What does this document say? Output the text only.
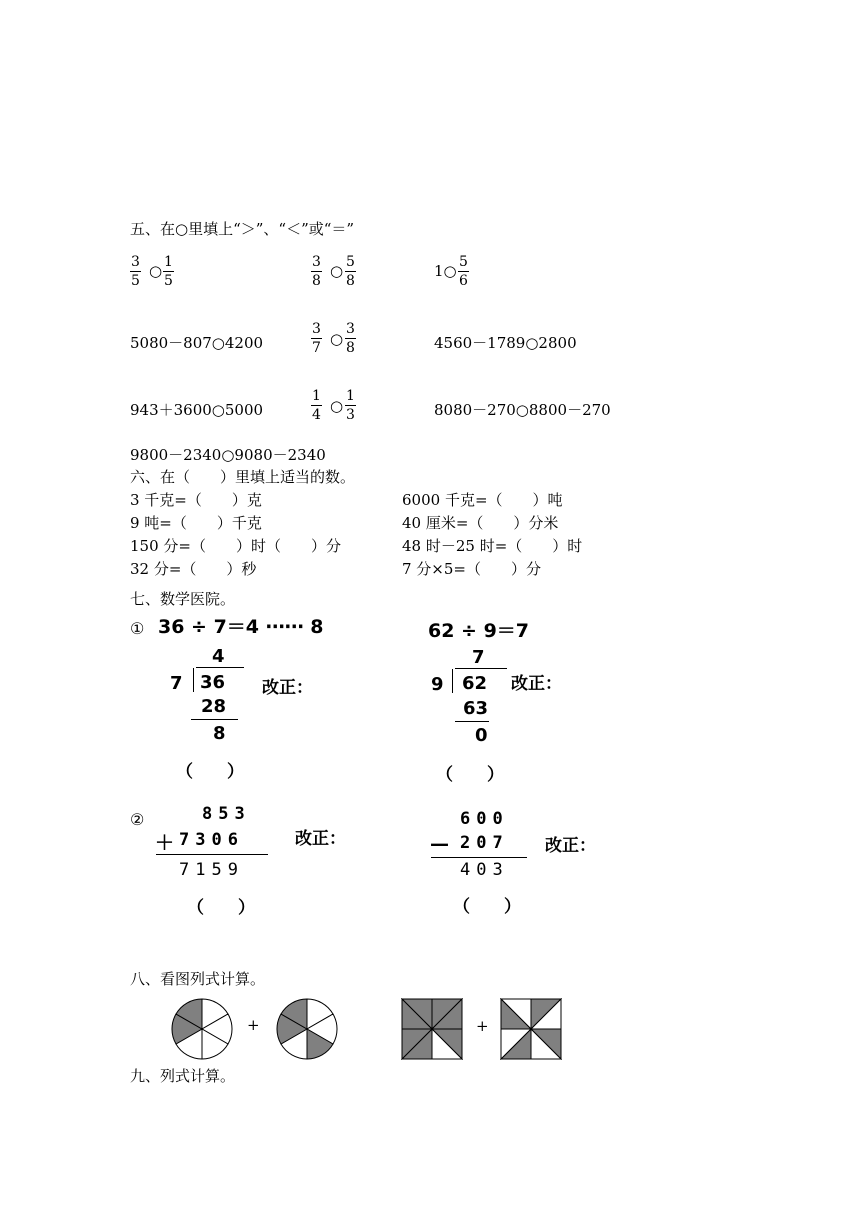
五、在○里填上“＞”、“＜”或“＝”
$\frac{3}{5}$ ○ $\frac{1}{5}$	$\frac{3}{8}$ ○ $\frac{5}{8}$	1○ $\frac{5}{6}$
5080－807○4200	$\frac{3}{7}$ ○ $\frac{3}{8}$	4560－1789○2800
943＋3600○5000	$\frac{1}{4}$ ○ $\frac{1}{3}$	8080－270○8800－270
9800－2340○9080－2340
六、在（　　）里填上适当的数。
3 千克=（　　）克	6000 千克=（　　）吨
9 吨=（　　）千克	40 厘米=（　　）分米
150 分=（　　）时（　　）分	48 时－25 时=（　　）时
32 分=（　　）秒	7 分×5=（　　）分
七、数学医院。
① 36 ÷ 7＝4 ⋯⋯ 8
4
7 36
28
8
改正：
（　　）
62 ÷ 9＝7
7
9 62
63
0
改正：
（　　）
②	853
＋ 7306
7159
改正：
（　　）
600
— 207
403
改正：
（　　）
八、看图列式计算。
+	+
九、列式计算。
